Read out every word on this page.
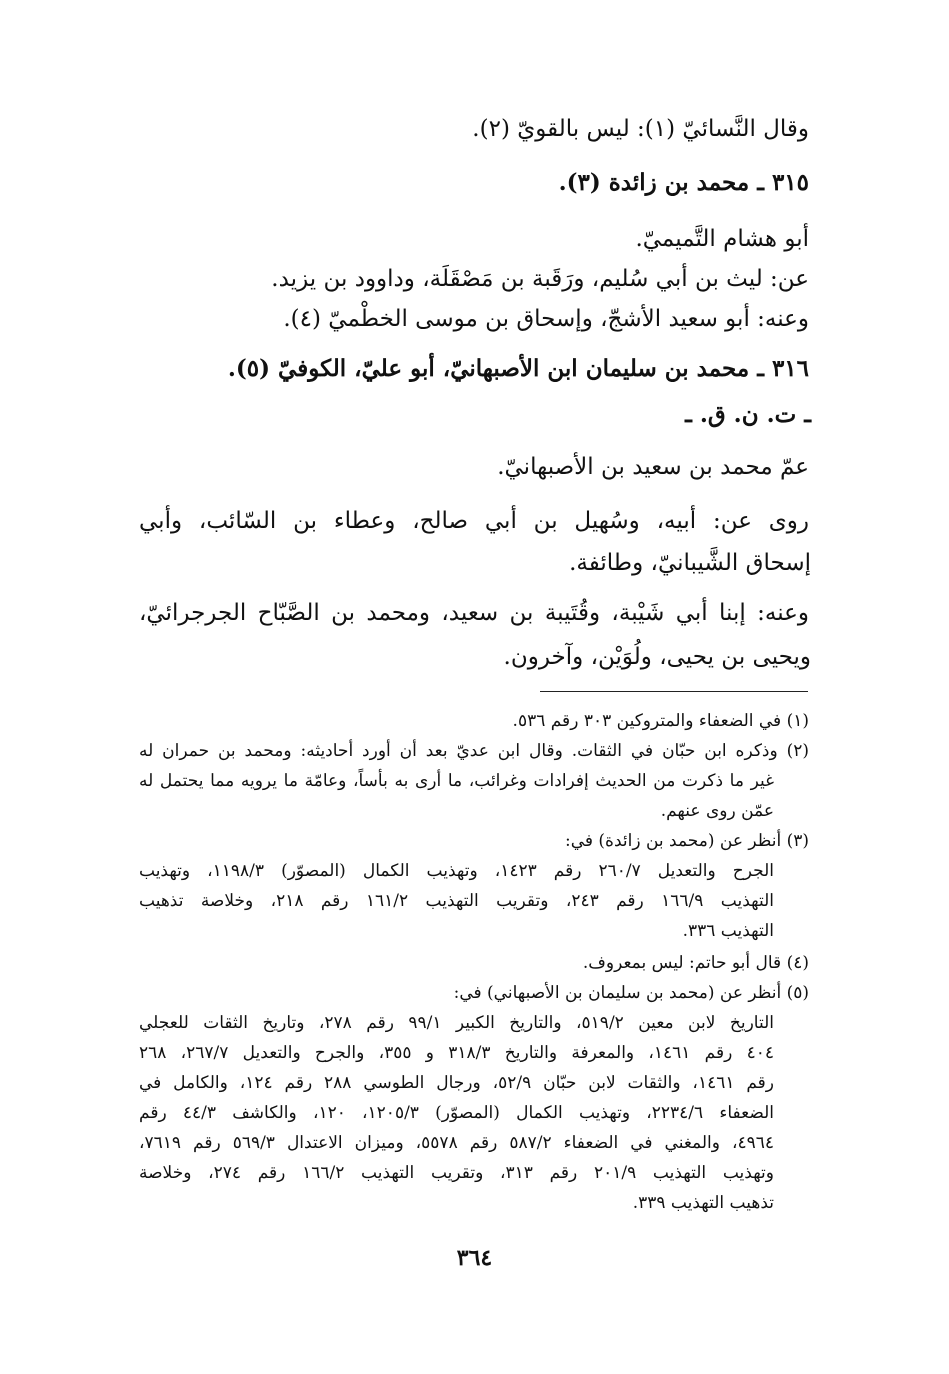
وقال النَّسائيّ (١): ليس بالقويّ (٢).
٣١٥ ـ محمد بن زائدة (٣).
أبو هشام التَّميميّ.
عن: ليث بن أبي سُليم، ورَقَبة بن مَصْقَلَة، وداوود بن يزيد.
وعنه: أبو سعيد الأشجّ، وإسحاق بن موسى الخطْميّ (٤).
٣١٦ ـ محمد بن سليمان ابن الأصبهانيّ، أبو عليّ، الكوفيّ (٥).
ـ ت. ن. ق. ـ
عمّ محمد بن سعيد بن الأصبهانيّ.
روى عن: أبيه، وسُهيل بن أبي صالح، وعطاء بن السّائب، وأبي
إسحاق الشَّيبانيّ، وطائفة.
وعنه: إبنا أبي شَيْبة، وقُتَيبة بن سعيد، ومحمد بن الصَّبّاح الجرجرائيّ،
ويحيى بن يحيى، ولُوَيْن، وآخرون.
(١) في الضعفاء والمتروكين ٣٠٣ رقم ٥٣٦.
(٢) وذكره ابن حبّان في الثقات. وقال ابن عديّ بعد أن أورد أحاديثه: ومحمد بن حمران له
غير ما ذكرت من الحديث إفرادات وغرائب، ما أرى به بأساً، وعامّة ما يرويه مما يحتمل له
عمّن روى عنهم.
(٣) أنظر عن (محمد بن زائدة) في:
الجرح والتعديل ٢٦٠/٧ رقم ١٤٢٣، وتهذيب الكمال (المصوّر) ١١٩٨/٣، وتهذيب
التهذيب ١٦٦/٩ رقم ٢٤٣، وتقريب التهذيب ١٦١/٢ رقم ٢١٨، وخلاصة تذهيب
التهذيب ٣٣٦.
(٤) قال أبو حاتم: ليس بمعروف.
(٥) أنظر عن (محمد بن سليمان بن الأصبهاني) في:
التاريخ لابن معين ٥١٩/٢، والتاريخ الكبير ٩٩/١ رقم ٢٧٨، وتاريخ الثقات للعجلي
٤٠٤ رقم ١٤٦١، والمعرفة والتاريخ ٣١٨/٣ و ٣٥٥، والجرح والتعديل ٢٦٧/٧، ٢٦٨
رقم ١٤٦١، والثقات لابن حبّان ٥٢/٩، ورجال الطوسي ٢٨٨ رقم ١٢٤، والكامل في
الضعفاء ٢٢٣٤/٦، وتهذيب الكمال (المصوّر) ١٢٠٥/٣، ١٢٠، والكاشف ٤٤/٣ رقم
٤٩٦٤، والمغني في الضعفاء ٥٨٧/٢ رقم ٥٥٧٨، وميزان الاعتدال ٥٦٩/٣ رقم ٧٦١٩،
وتهذيب التهذيب ٢٠١/٩ رقم ٣١٣، وتقريب التهذيب ١٦٦/٢ رقم ٢٧٤، وخلاصة
تذهيب التهذيب ٣٣٩.
٣٦٤
